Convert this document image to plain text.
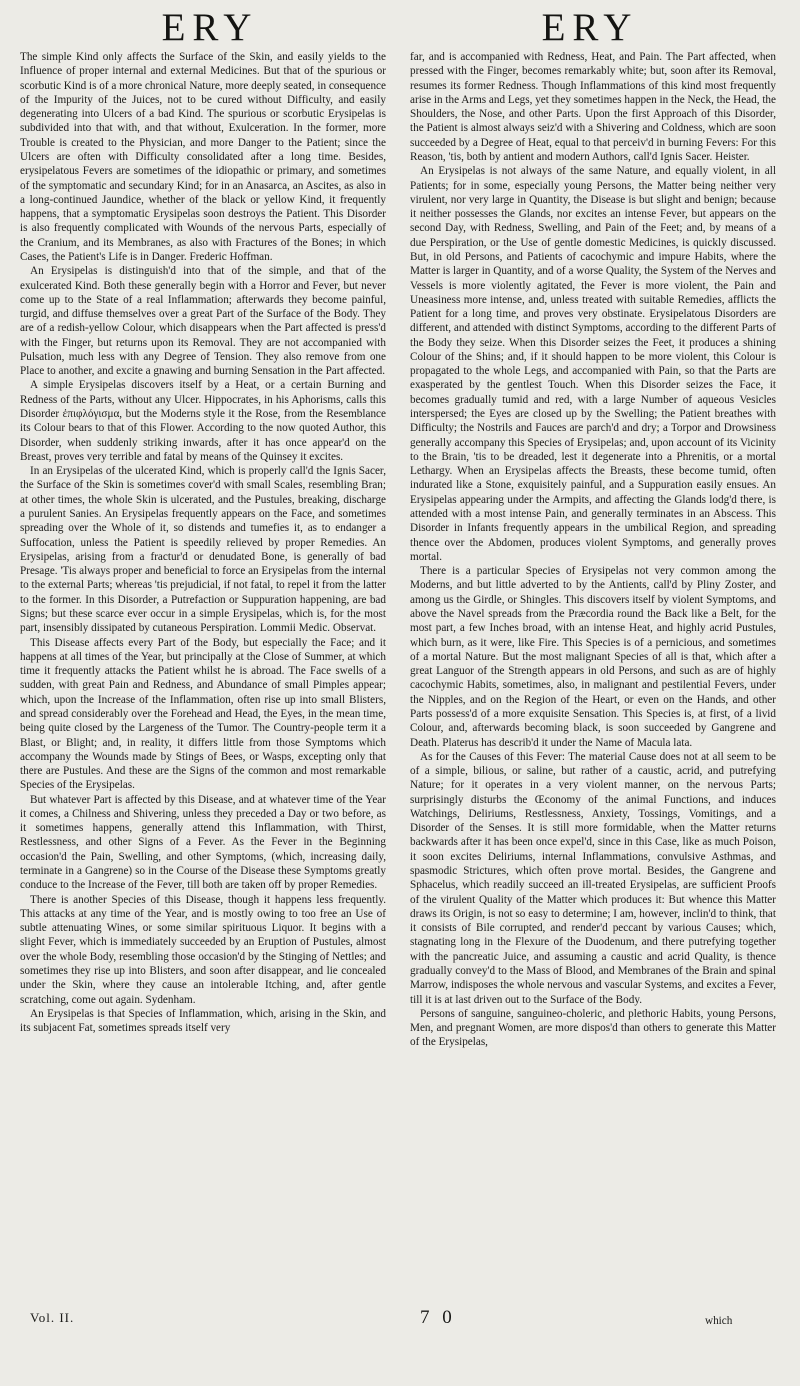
ERY	ERY

The simple Kind only affects the Surface of the Skin, and easily yields to the Influence of proper internal and external Medicines. But that of the spurious or scorbutic Kind is of a more chronical Nature, more deeply seated, in consequence of the Impurity of the Juices, not to be cured without Difficulty, and easily degenerating into Ulcers of a bad Kind. The spurious or scorbutic Erysipelas is subdivided into that with, and that without, Exulceration. In the former, more Trouble is created to the Physician, and more Danger to the Patient; since the Ulcers are often with Difficulty consolidated after a long time. Besides, erysipelatous Fevers are sometimes of the idiopathic or primary, and sometimes of the symptomatic and secundary Kind; for in an Anasarca, an Ascites, as also in a long-continued Jaundice, whether of the black or yellow Kind, it frequently happens, that a symptomatic Erysipelas soon destroys the Patient. This Disorder is also frequently complicated with Wounds of the nervous Parts, especially of the Cranium, and its Membranes, as also with Fractures of the Bones; in which Cases, the Patient's Life is in Danger. Frederic Hoffman.

An Erysipelas is distinguish'd into that of the simple, and that of the exulcerated Kind. Both these generally begin with a Horror and Fever, but never come up to the State of a real Inflammation; afterwards they become painful, turgid, and diffuse themselves over a great Part of the Surface of the Body. They are of a redish-yellow Colour, which disappears when the Part affected is press'd with the Finger, but returns upon its Removal. They are not accompanied with Pulsation, much less with any Degree of Tension. They also remove from one Place to another, and excite a gnawing and burning Sensation in the Part affected.

A simple Erysipelas discovers itself by a Heat, or a certain Burning and Redness of the Parts, without any Ulcer. Hippocrates, in his Aphorisms, calls this Disorder ἐπιφλόγισμα, but the Moderns style it the Rose, from the Resemblance its Colour bears to that of this Flower. According to the now quoted Author, this Disorder, when suddenly striking inwards, after it has once appear'd on the Breast, proves very terrible and fatal by means of the Quinsey it excites.

In an Erysipelas of the ulcerated Kind, which is properly call'd the Ignis Sacer, the Surface of the Skin is sometimes cover'd with small Scales, resembling Bran; at other times, the whole Skin is ulcerated, and the Pustules, breaking, discharge a purulent Sanies. An Erysipelas frequently appears on the Face, and sometimes spreading over the Whole of it, so distends and tumefies it, as to endanger a Suffocation, unless the Patient is speedily relieved by proper Remedies. An Erysipelas, arising from a fractur'd or denudated Bone, is generally of bad Presage. 'Tis always proper and beneficial to force an Erysipelas from the internal to the external Parts; whereas 'tis prejudicial, if not fatal, to repel it from the latter to the former. In this Disorder, a Putrefaction or Suppuration happening, are bad Signs; but these scarce ever occur in a simple Erysipelas, which is, for the most part, insensibly dissipated by cutaneous Perspiration. Lommii Medic. Observat.

This Disease affects every Part of the Body, but especially the Face; and it happens at all times of the Year, but principally at the Close of Summer, at which time it frequently attacks the Patient whilst he is abroad. The Face swells of a sudden, with great Pain and Redness, and Abundance of small Pimples appear; which, upon the Increase of the Inflammation, often rise up into small Blisters, and spread considerably over the Forehead and Head, the Eyes, in the mean time, being quite closed by the Largeness of the Tumor. The Country-people term it a Blast, or Blight; and, in reality, it differs little from those Symptoms which accompany the Wounds made by Stings of Bees, or Wasps, excepting only that there are Pustules. And these are the Signs of the common and most remarkable Species of the Erysipelas.

But whatever Part is affected by this Disease, and at whatever time of the Year it comes, a Chilness and Shivering, unless they preceded a Day or two before, as it sometimes happens, generally attend this Inflammation, with Thirst, Restlessness, and other Signs of a Fever. As the Fever in the Beginning occasion'd the Pain, Swelling, and other Symptoms, (which, increasing daily, terminate in a Gangrene) so in the Course of the Disease these Symptoms greatly conduce to the Increase of the Fever, till both are taken off by proper Remedies.

There is another Species of this Disease, though it happens less frequently. This attacks at any time of the Year, and is mostly owing to too free an Use of subtle attenuating Wines, or some similar spirituous Liquor. It begins with a slight Fever, which is immediately succeeded by an Eruption of Pustules, almost over the whole Body, resembling those occasion'd by the Stinging of Nettles; and sometimes they rise up into Blisters, and soon after disappear, and lie concealed under the Skin, where they cause an intolerable Itching, and, after gentle scratching, come out again. Sydenham.

An Erysipelas is that Species of Inflammation, which, arising in the Skin, and its subjacent Fat, sometimes spreads itself very

far, and is accompanied with Redness, Heat, and Pain. The Part affected, when pressed with the Finger, becomes remarkably white; but, soon after its Removal, resumes its former Redness. Though Inflammations of this kind most frequently arise in the Arms and Legs, yet they sometimes happen in the Neck, the Head, the Shoulders, the Nose, and other Parts. Upon the first Approach of this Disorder, the Patient is almost always seiz'd with a Shivering and Coldness, which are soon succeeded by a Degree of Heat, equal to that perceiv'd in burning Fevers: For this Reason, 'tis, both by antient and modern Authors, call'd Ignis Sacer. Heister.

An Erysipelas is not always of the same Nature, and equally violent, in all Patients; for in some, especially young Persons, the Matter being neither very virulent, nor very large in Quantity, the Disease is but slight and benign; because it neither possesses the Glands, nor excites an intense Fever, but appears on the second Day, with Redness, Swelling, and Pain of the Feet; and, by means of a due Perspiration, or the Use of gentle domestic Medicines, is quickly discussed. But, in old Persons, and Patients of cacochymic and impure Habits, where the Matter is larger in Quantity, and of a worse Quality, the System of the Nerves and Vessels is more violently agitated, the Fever is more violent, the Pain and Uneasiness more intense, and, unless treated with suitable Remedies, afflicts the Patient for a long time, and proves very obstinate. Erysipelatous Disorders are different, and attended with distinct Symptoms, according to the different Parts of the Body they seize. When this Disorder seizes the Feet, it produces a shining Colour of the Shins; and, if it should happen to be more violent, this Colour is propagated to the whole Legs, and accompanied with Pain, so that the Parts are exasperated by the gentlest Touch. When this Disorder seizes the Face, it becomes gradually tumid and red, with a large Number of aqueous Vesicles interspersed; the Eyes are closed up by the Swelling; the Patient breathes with Difficulty; the Nostrils and Fauces are parch'd and dry; a Torpor and Drowsiness generally accompany this Species of Erysipelas; and, upon account of its Vicinity to the Brain, 'tis to be dreaded, lest it degenerate into a Phrenitis, or a mortal Lethargy. When an Erysipelas affects the Breasts, these become tumid, often indurated like a Stone, exquisitely painful, and a Suppuration easily ensues. An Erysipelas appearing under the Armpits, and affecting the Glands lodg'd there, is attended with a most intense Pain, and generally terminates in an Abscess. This Disorder in Infants frequently appears in the umbilical Region, and spreading thence over the Abdomen, produces violent Symptoms, and generally proves mortal.

There is a particular Species of Erysipelas not very common among the Moderns, and but little adverted to by the Antients, call'd by Pliny Zoster, and among us the Girdle, or Shingles. This discovers itself by violent Symptoms, and above the Navel spreads from the Præcordia round the Back like a Belt, for the most part, a few Inches broad, with an intense Heat, and highly acrid Pustules, which burn, as it were, like Fire. This Species is of a pernicious, and sometimes of a mortal Nature. But the most malignant Species of all is that, which after a great Languor of the Strength appears in old Persons, and such as are of highly cacochymic Habits, sometimes, also, in malignant and pestilential Fevers, under the Nipples, and on the Region of the Heart, or even on the Hands, and other Parts possess'd of a more exquisite Sensation. This Species is, at first, of a livid Colour, and, afterwards becoming black, is soon succeeded by Gangrene and Death. Platerus has describ'd it under the Name of Macula lata.

As for the Causes of this Fever: The material Cause does not at all seem to be of a simple, bilious, or saline, but rather of a caustic, acrid, and putrefying Nature; for it operates in a very violent manner, on the nervous Parts; surprisingly disturbs the Œconomy of the animal Functions, and induces Watchings, Deliriums, Restlessness, Anxiety, Tossings, Vomitings, and a Disorder of the Senses. It is still more formidable, when the Matter returns backwards after it has been once expel'd, since in this Case, like as much Poison, it soon excites Deliriums, internal Inflammations, convulsive Asthmas, and spasmodic Strictures, which often prove mortal. Besides, the Gangrene and Sphacelus, which readily succeed an ill-treated Erysipelas, are sufficient Proofs of the virulent Quality of the Matter which produces it: But whence this Matter draws its Origin, is not so easy to determine; I am, however, inclin'd to think, that it consists of Bile corrupted, and render'd peccant by various Causes; which, stagnating long in the Flexure of the Duodenum, and there putrefying together with the pancreatic Juice, and assuming a caustic and acrid Quality, is thence gradually convey'd to the Mass of Blood, and Membranes of the Brain and spinal Marrow, indisposes the whole nervous and vascular Systems, and excites a Fever, till it is at last driven out to the Surface of the Body.

Persons of sanguine, sanguineo-choleric, and plethoric Habits, young Persons, Men, and pregnant Women, are more dispos'd than others to generate this Matter of the Erysipelas,

Vol. II.	7 0	which
